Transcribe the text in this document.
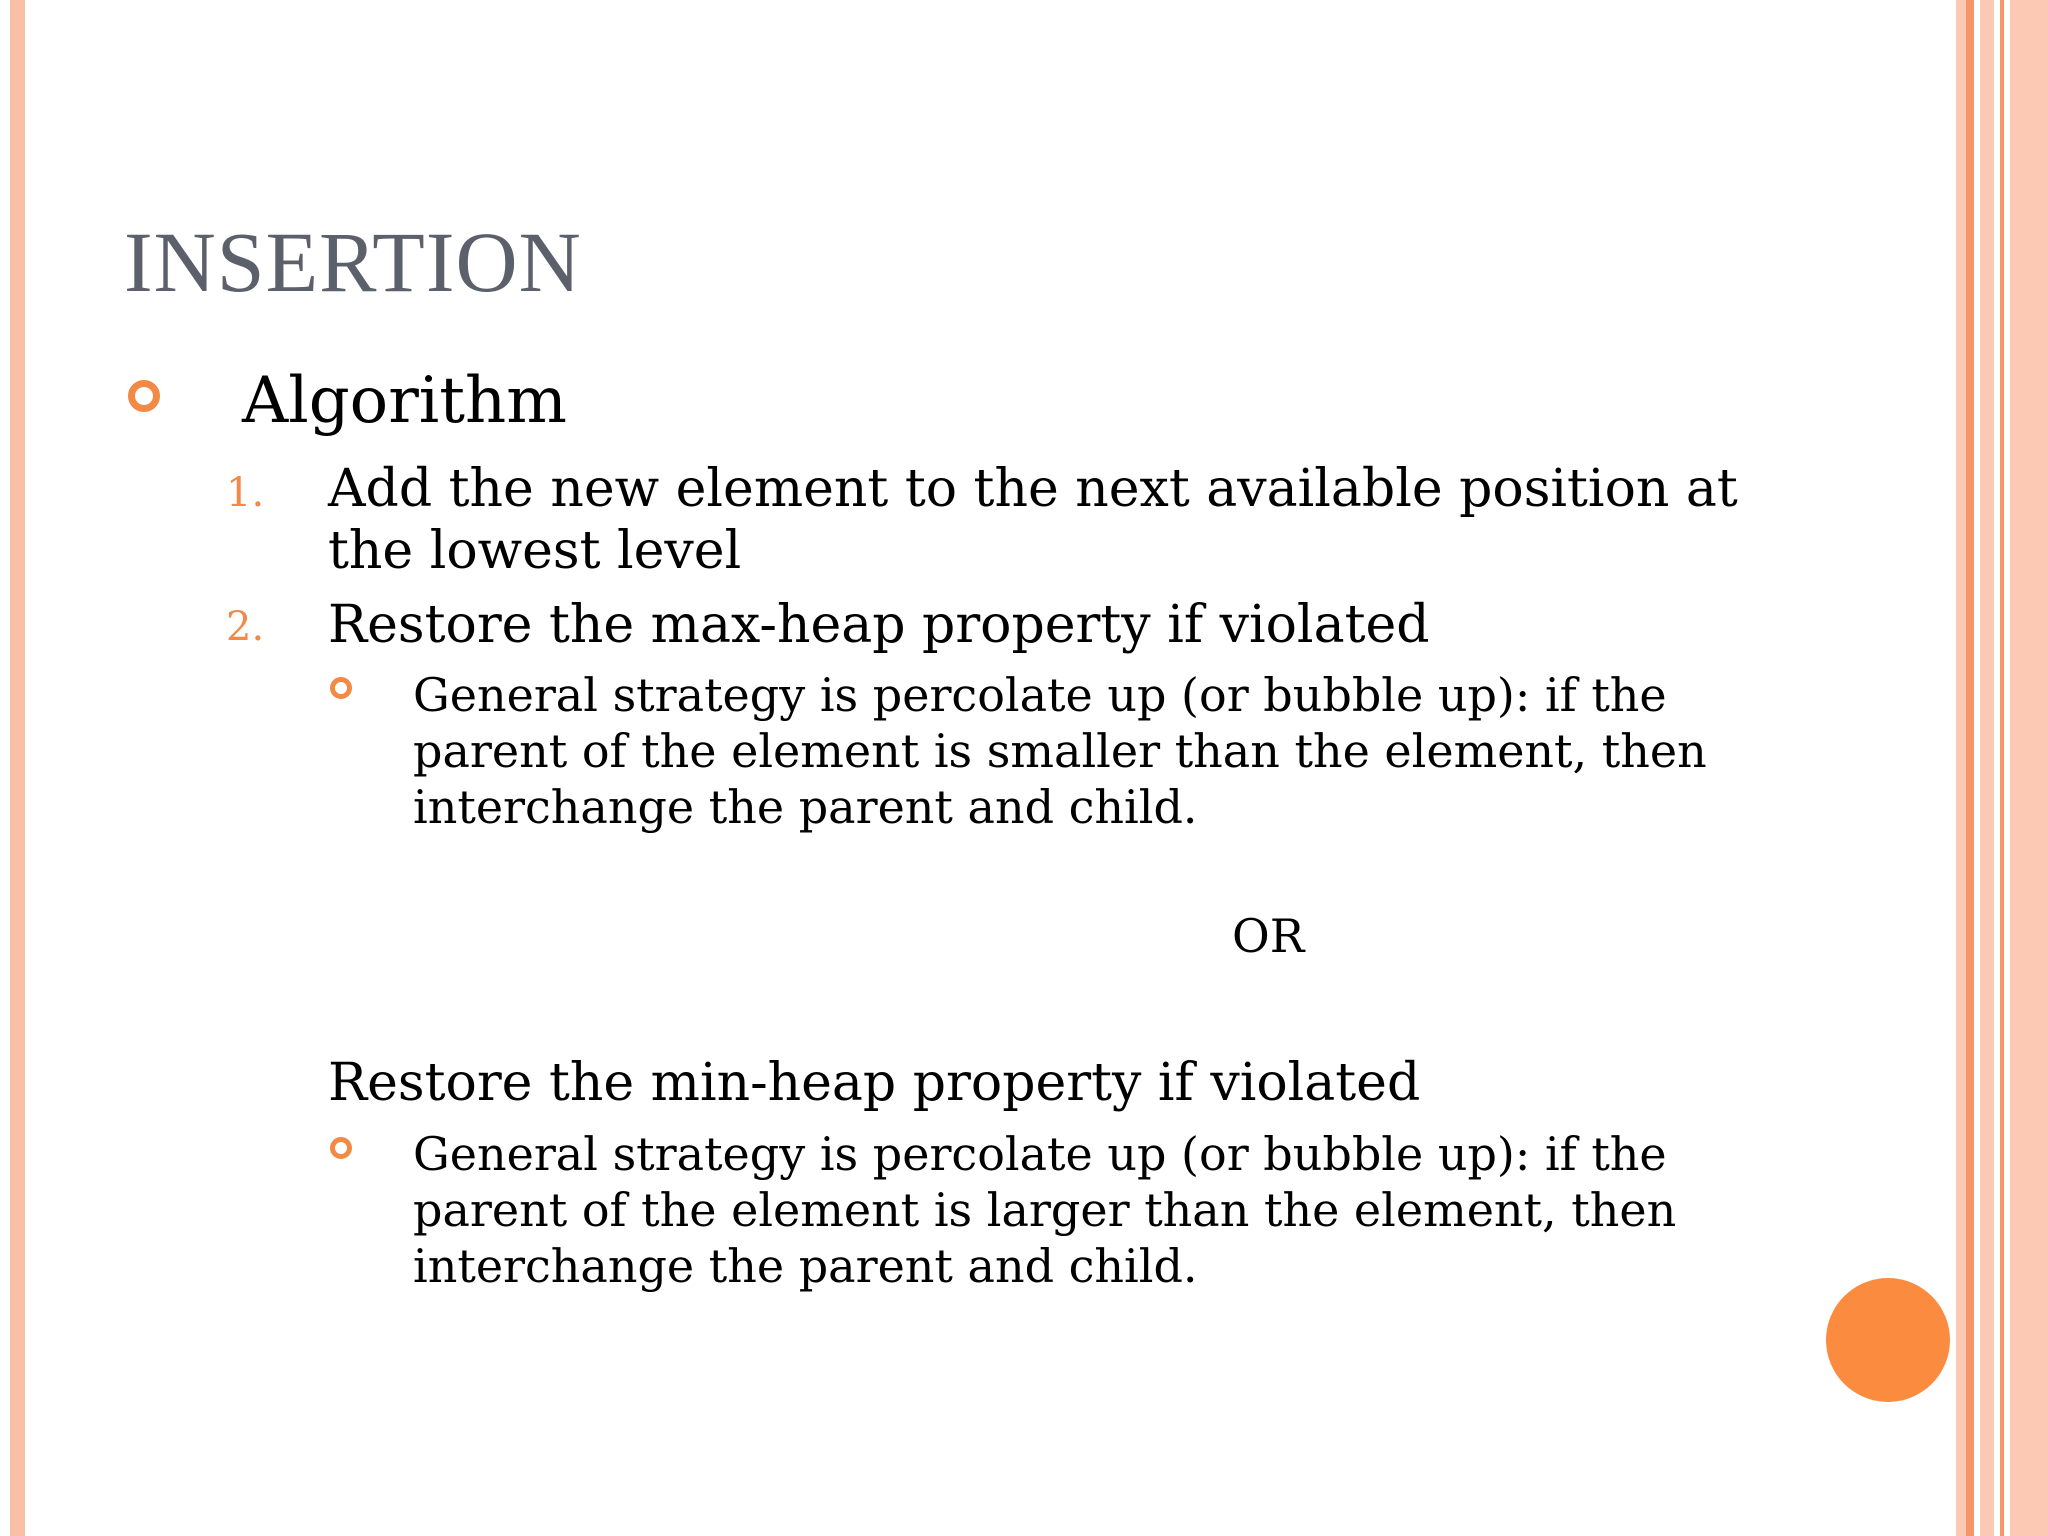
INSERTION
Algorithm
1. Add the new element to the next available position at
the lowest level
2. Restore the max-heap property if violated
General strategy is percolate up (or bubble up): if the
parent of the element is smaller than the element, then
interchange the parent and child.
OR
Restore the min-heap property if violated
General strategy is percolate up (or bubble up): if the
parent of the element is larger than the element, then
interchange the parent and child.
